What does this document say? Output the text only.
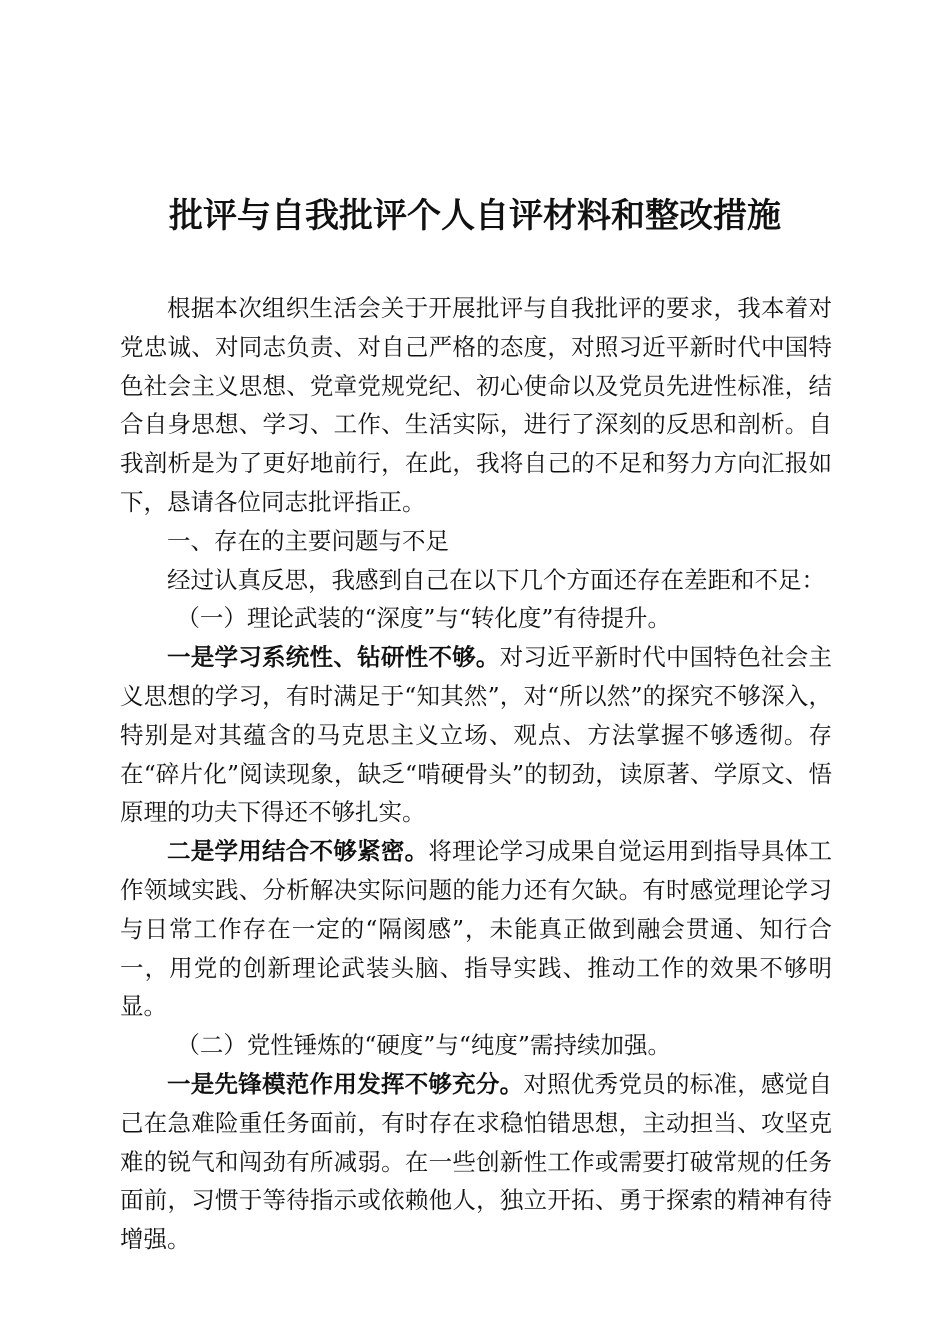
批评与自我批评个人自评材料和整改措施

根据本次组织生活会关于开展批评与自我批评的要求，我本着对党忠诚、对同志负责、对自己严格的态度，对照习近平新时代中国特色社会主义思想、党章党规党纪、初心使命以及党员先进性标准，结合自身思想、学习、工作、生活实际，进行了深刻的反思和剖析。自我剖析是为了更好地前行，在此，我将自己的不足和努力方向汇报如下，恳请各位同志批评指正。

一、存在的主要问题与不足

经过认真反思，我感到自己在以下几个方面还存在差距和不足：

（一）理论武装的“深度”与“转化度”有待提升。

一是学习系统性、钻研性不够。对习近平新时代中国特色社会主义思想的学习，有时满足于“知其然”，对“所以然”的探究不够深入，特别是对其蕴含的马克思主义立场、观点、方法掌握不够透彻。存在“碎片化”阅读现象，缺乏“啃硬骨头”的韧劲，读原著、学原文、悟原理的功夫下得还不够扎实。

二是学用结合不够紧密。将理论学习成果自觉运用到指导具体工作领域实践、分析解决实际问题的能力还有欠缺。有时感觉理论学习与日常工作存在一定的“隔阂感”，未能真正做到融会贯通、知行合一，用党的创新理论武装头脑、指导实践、推动工作的效果不够明显。

（二）党性锤炼的“硬度”与“纯度”需持续加强。

一是先锋模范作用发挥不够充分。对照优秀党员的标准，感觉自己在急难险重任务面前，有时存在求稳怕错思想，主动担当、攻坚克难的锐气和闯劲有所减弱。在一些创新性工作或需要打破常规的任务面前，习惯于等待指示或依赖他人，独立开拓、勇于探索的精神有待增强。
